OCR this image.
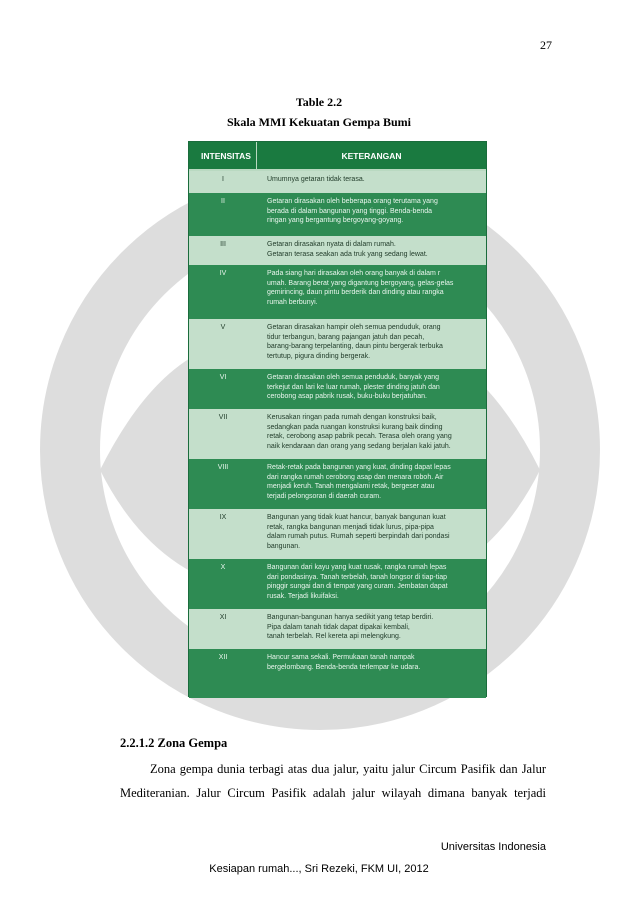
27
Table 2.2
Skala MMI Kekuatan Gempa Bumi
INTENSITAS	KETERANGAN
I	Umumnya getaran tidak terasa.
II	Getaran dirasakan oleh beberapa orang terutama yang
berada di dalam bangunan yang tinggi. Benda-benda
ringan yang bergantung bergoyang-goyang.
III	Getaran dirasakan nyata di dalam rumah.
Getaran terasa seakan ada truk yang sedang lewat.
IV	Pada siang hari dirasakan oleh orang banyak di dalam r
umah. Barang berat yang digantung bergoyang, gelas-gelas
gemirincing, daun pintu berderik dan dinding atau rangka
rumah berbunyi.
V	Getaran dirasakan hampir oleh semua penduduk, orang
tidur terbangun, barang pajangan jatuh dan pecah,
barang-barang terpelanting, daun pintu bergerak terbuka
tertutup, pigura dinding bergerak.
VI	Getaran dirasakan oleh semua penduduk, banyak yang
terkejut dan lari ke luar rumah, plester dinding jatuh dan
cerobong asap pabrik rusak, buku-buku berjatuhan.
VII	Kerusakan ringan pada rumah dengan konstruksi baik,
sedangkan pada ruangan konstruksi kurang baik dinding
retak, cerobong asap pabrik pecah. Terasa oleh orang yang
naik kendaraan dan orang yang sedang berjalan kaki jatuh.
VIII	Retak-retak pada bangunan yang kuat, dinding dapat lepas
dari rangka rumah cerobong asap dan menara roboh. Air
menjadi keruh. Tanah mengalami retak, bergeser atau
terjadi pelongsoran di daerah curam.
IX	Bangunan yang tidak kuat hancur, banyak bangunan kuat
retak, rangka bangunan menjadi tidak lurus, pipa-pipa
dalam rumah putus. Rumah seperti berpindah dari pondasi
bangunan.
X	Bangunan dari kayu yang kuat rusak, rangka rumah lepas
dari pondasinya. Tanah terbelah, tanah longsor di tiap-tiap
pinggir sungai dan di tempat yang curam. Jembatan dapat
rusak. Terjadi likuifaksi.
XI	Bangunan-bangunan hanya sedikit yang tetap berdiri.
Pipa dalam tanah tidak dapat dipakai kembali,
tanah terbelah. Rel kereta api melengkung.
XII	Hancur sama sekali. Permukaan tanah nampak
bergelombang. Benda-benda terlempar ke udara.
2.2.1.2 Zona Gempa
Zona gempa dunia terbagi atas dua jalur, yaitu jalur Circum Pasifik dan Jalur
Mediteranian. Jalur Circum Pasifik adalah jalur wilayah dimana banyak terjadi
Universitas Indonesia
Kesiapan rumah..., Sri Rezeki, FKM UI, 2012
